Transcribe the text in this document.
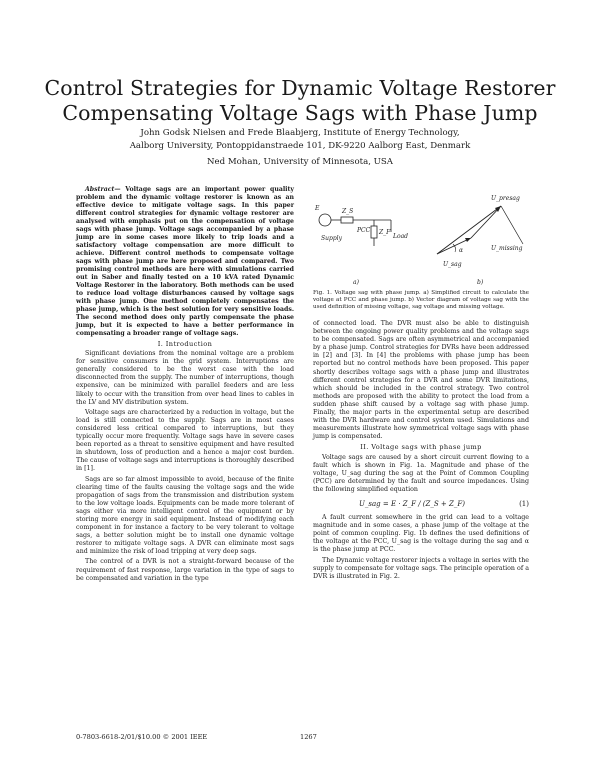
Control Strategies for Dynamic Voltage Restorer
Compensating Voltage Sags with Phase Jump
John Godsk Nielsen and Frede Blaabjerg, Institute of Energy Technology,
Aalborg University, Pontoppidanstraede 101, DK-9220 Aalborg East, Denmark
Ned Mohan, University of Minnesota, USA

Abstract— Voltage sags are an important power quality problem and the dynamic voltage restorer is known as an effective device to mitigate voltage sags. In this paper different control strategies for dynamic voltage restorer are analysed with emphasis put on the compensation of voltage sags with phase jump. Voltage sags accompanied by a phase jump are in some cases more likely to trip loads and a satisfactory voltage compensation are more difficult to achieve. Different control methods to compensate voltage sags with phase jump are here proposed and compared. Two promising control methods are here with simulations carried out in Saber and finally tested on a 10 kVA rated Dynamic Voltage Restorer in the laboratory. Both methods can be used to reduce load voltage disturbances caused by voltage sags with phase jump. One method completely compensates the phase jump, which is the best solution for very sensitive loads. The second method does only partly compensate the phase jump, but it is expected to have a better performance in compensating a broader range of voltage sags.

I. Introduction

Significant deviations from the nominal voltage are a problem for sensitive consumers in the grid system. Interruptions are generally considered to be the worst case with the load disconnected from the supply. The number of interruptions, though expensive, can be minimized with parallel feeders and are less likely to occur with the transition from over head lines to cables in the LV and MV distribution system.

Voltage sags are characterized by a reduction in voltage, but the load is still connected to the supply. Sags are in most cases considered less critical compared to interruptions, but they typically occur more frequently. Voltage sags have in severe cases been reported as a threat to sensitive equipment and have resulted in shutdown, loss of production and a hence a major cost burden. The cause of voltage sags and interruptions is thoroughly described in [1].

Sags are so far almost impossible to avoid, because of the finite clearing time of the faults causing the voltage sags and the wide propagation of sags from the transmission and distribution system to the low voltage loads. Equipments can be made more tolerant of sags either via more intelligent control of the equipment or by storing more energy in said equipment. Instead of modifying each component in for instance a factory to be very tolerant to voltage sags, a better solution might be to install one dynamic voltage restorer to mitigate voltage sags. A DVR can eliminate most sags and minimize the risk of load tripping at very deep sags.

The control of a DVR is not a straight-forward because of the requirement of fast response, large variation in the type of sags to be compensated and variation in the type

E	Z_S
Z_F
Supply
PCC
Load
a)
U_presag
U_missing
U_sag
α
b)
Fig. 1. Voltage sag with phase jump. a) Simplified circuit to calculate the voltage at PCC and phase jump. b) Vector diagram of voltage sag with the used definition of missing voltage, sag voltage and missing voltage.

of connected load. The DVR must also be able to distinguish between the ongoing power quality problems and the voltage sags to be compensated. Sags are often asymmetrical and accompanied by a phase jump. Control strategies for DVRs have been addressed in [2] and [3]. In [4] the problems with phase jump has been reported but no control methods have been proposed. This paper shortly describes voltage sags with a phase jump and illustrates different control strategies for a DVR and some DVR limitations, which should be included in the control strategy. Two control methods are proposed with the ability to protect the load from a sudden phase shift caused by a voltage sag with phase jump. Finally, the major parts in the experimental setup are described with the DVR hardware and control system used. Simulations and measurements illustrate how symmetrical voltage sags with phase jump is compensated.

II. Voltage sags with phase jump

Voltage sags are caused by a short circuit current flowing to a fault which is shown in Fig. 1a. Magnitude and phase of the voltage, U_sag during the sag at the Point of Common Coupling (PCC) are determined by the fault and source impedances. Using the following simplified equation

U_sag = E · Z_F / (Z_S + Z_F)	(1)

A fault current somewhere in the grid can lead to a voltage magnitude and in some cases, a phase jump of the voltage at the point of common coupling. Fig. 1b defines the used definitions of the voltage at the PCC, U_sag is the voltage during the sag and α is the phase jump at PCC.

The Dynamic voltage restorer injects a voltage in series with the supply to compensate for voltage sags. The principle operation of a DVR is illustrated in Fig. 2.

0-7803-6618-2/01/$10.00 © 2001 IEEE	1267
